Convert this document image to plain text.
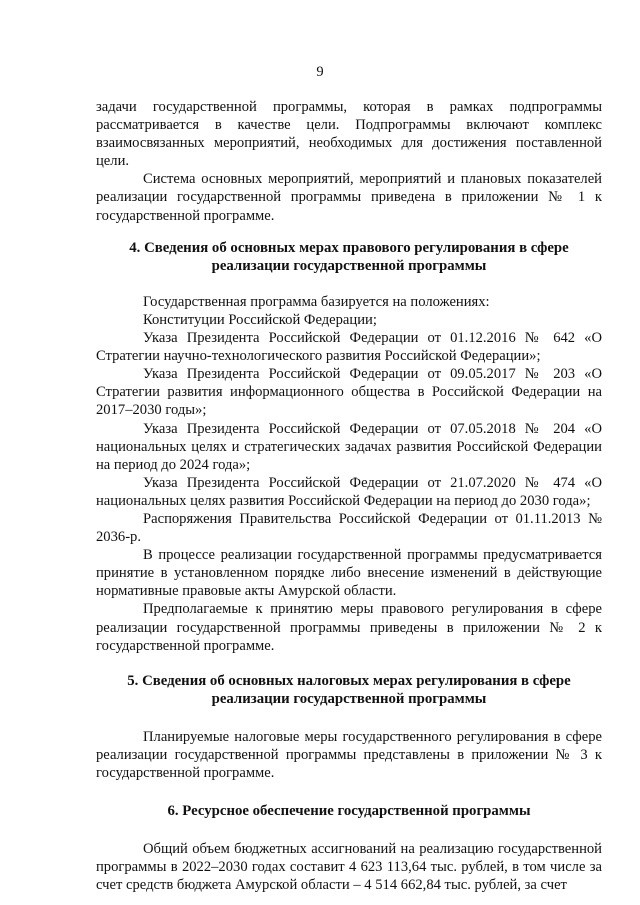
9

задачи государственной программы, которая в рамках подпрограммы рассматривается в качестве цели. Подпрограммы включают комплекс взаимосвязанных мероприятий, необходимых для достижения поставленной цели.

Система основных мероприятий, мероприятий и плановых показателей реализации государственной программы приведена в приложении № 1 к государственной программе.

4. Сведения об основных мерах правового регулирования в сфере реализации государственной программы

Государственная программа базируется на положениях:

Конституции Российской Федерации;

Указа Президента Российской Федерации от 01.12.2016 № 642 «О Стратегии научно-технологического развития Российской Федерации»;

Указа Президента Российской Федерации от 09.05.2017 № 203 «О Стратегии развития информационного общества в Российской Федерации на 2017–2030 годы»;

Указа Президента Российской Федерации от 07.05.2018 № 204 «О национальных целях и стратегических задачах развития Российской Федерации на период до 2024 года»;

Указа Президента Российской Федерации от 21.07.2020 № 474 «О национальных целях развития Российской Федерации на период до 2030 года»;

Распоряжения Правительства Российской Федерации от 01.11.2013 № 2036-р.

В процессе реализации государственной программы предусматривается принятие в установленном порядке либо внесение изменений в действующие нормативные правовые акты Амурской области.

Предполагаемые к принятию меры правового регулирования в сфере реализации государственной программы приведены в приложении № 2 к государственной программе.

5. Сведения об основных налоговых мерах регулирования в сфере реализации государственной программы

Планируемые налоговые меры государственного регулирования в сфере реализации государственной программы представлены в приложении № 3 к государственной программе.

6. Ресурсное обеспечение государственной программы

Общий объем бюджетных ассигнований на реализацию государственной программы в 2022–2030 годах составит 4 623 113,64 тыс. рублей, в том числе за счет средств бюджета Амурской области – 4 514 662,84 тыс. рублей, за счет
